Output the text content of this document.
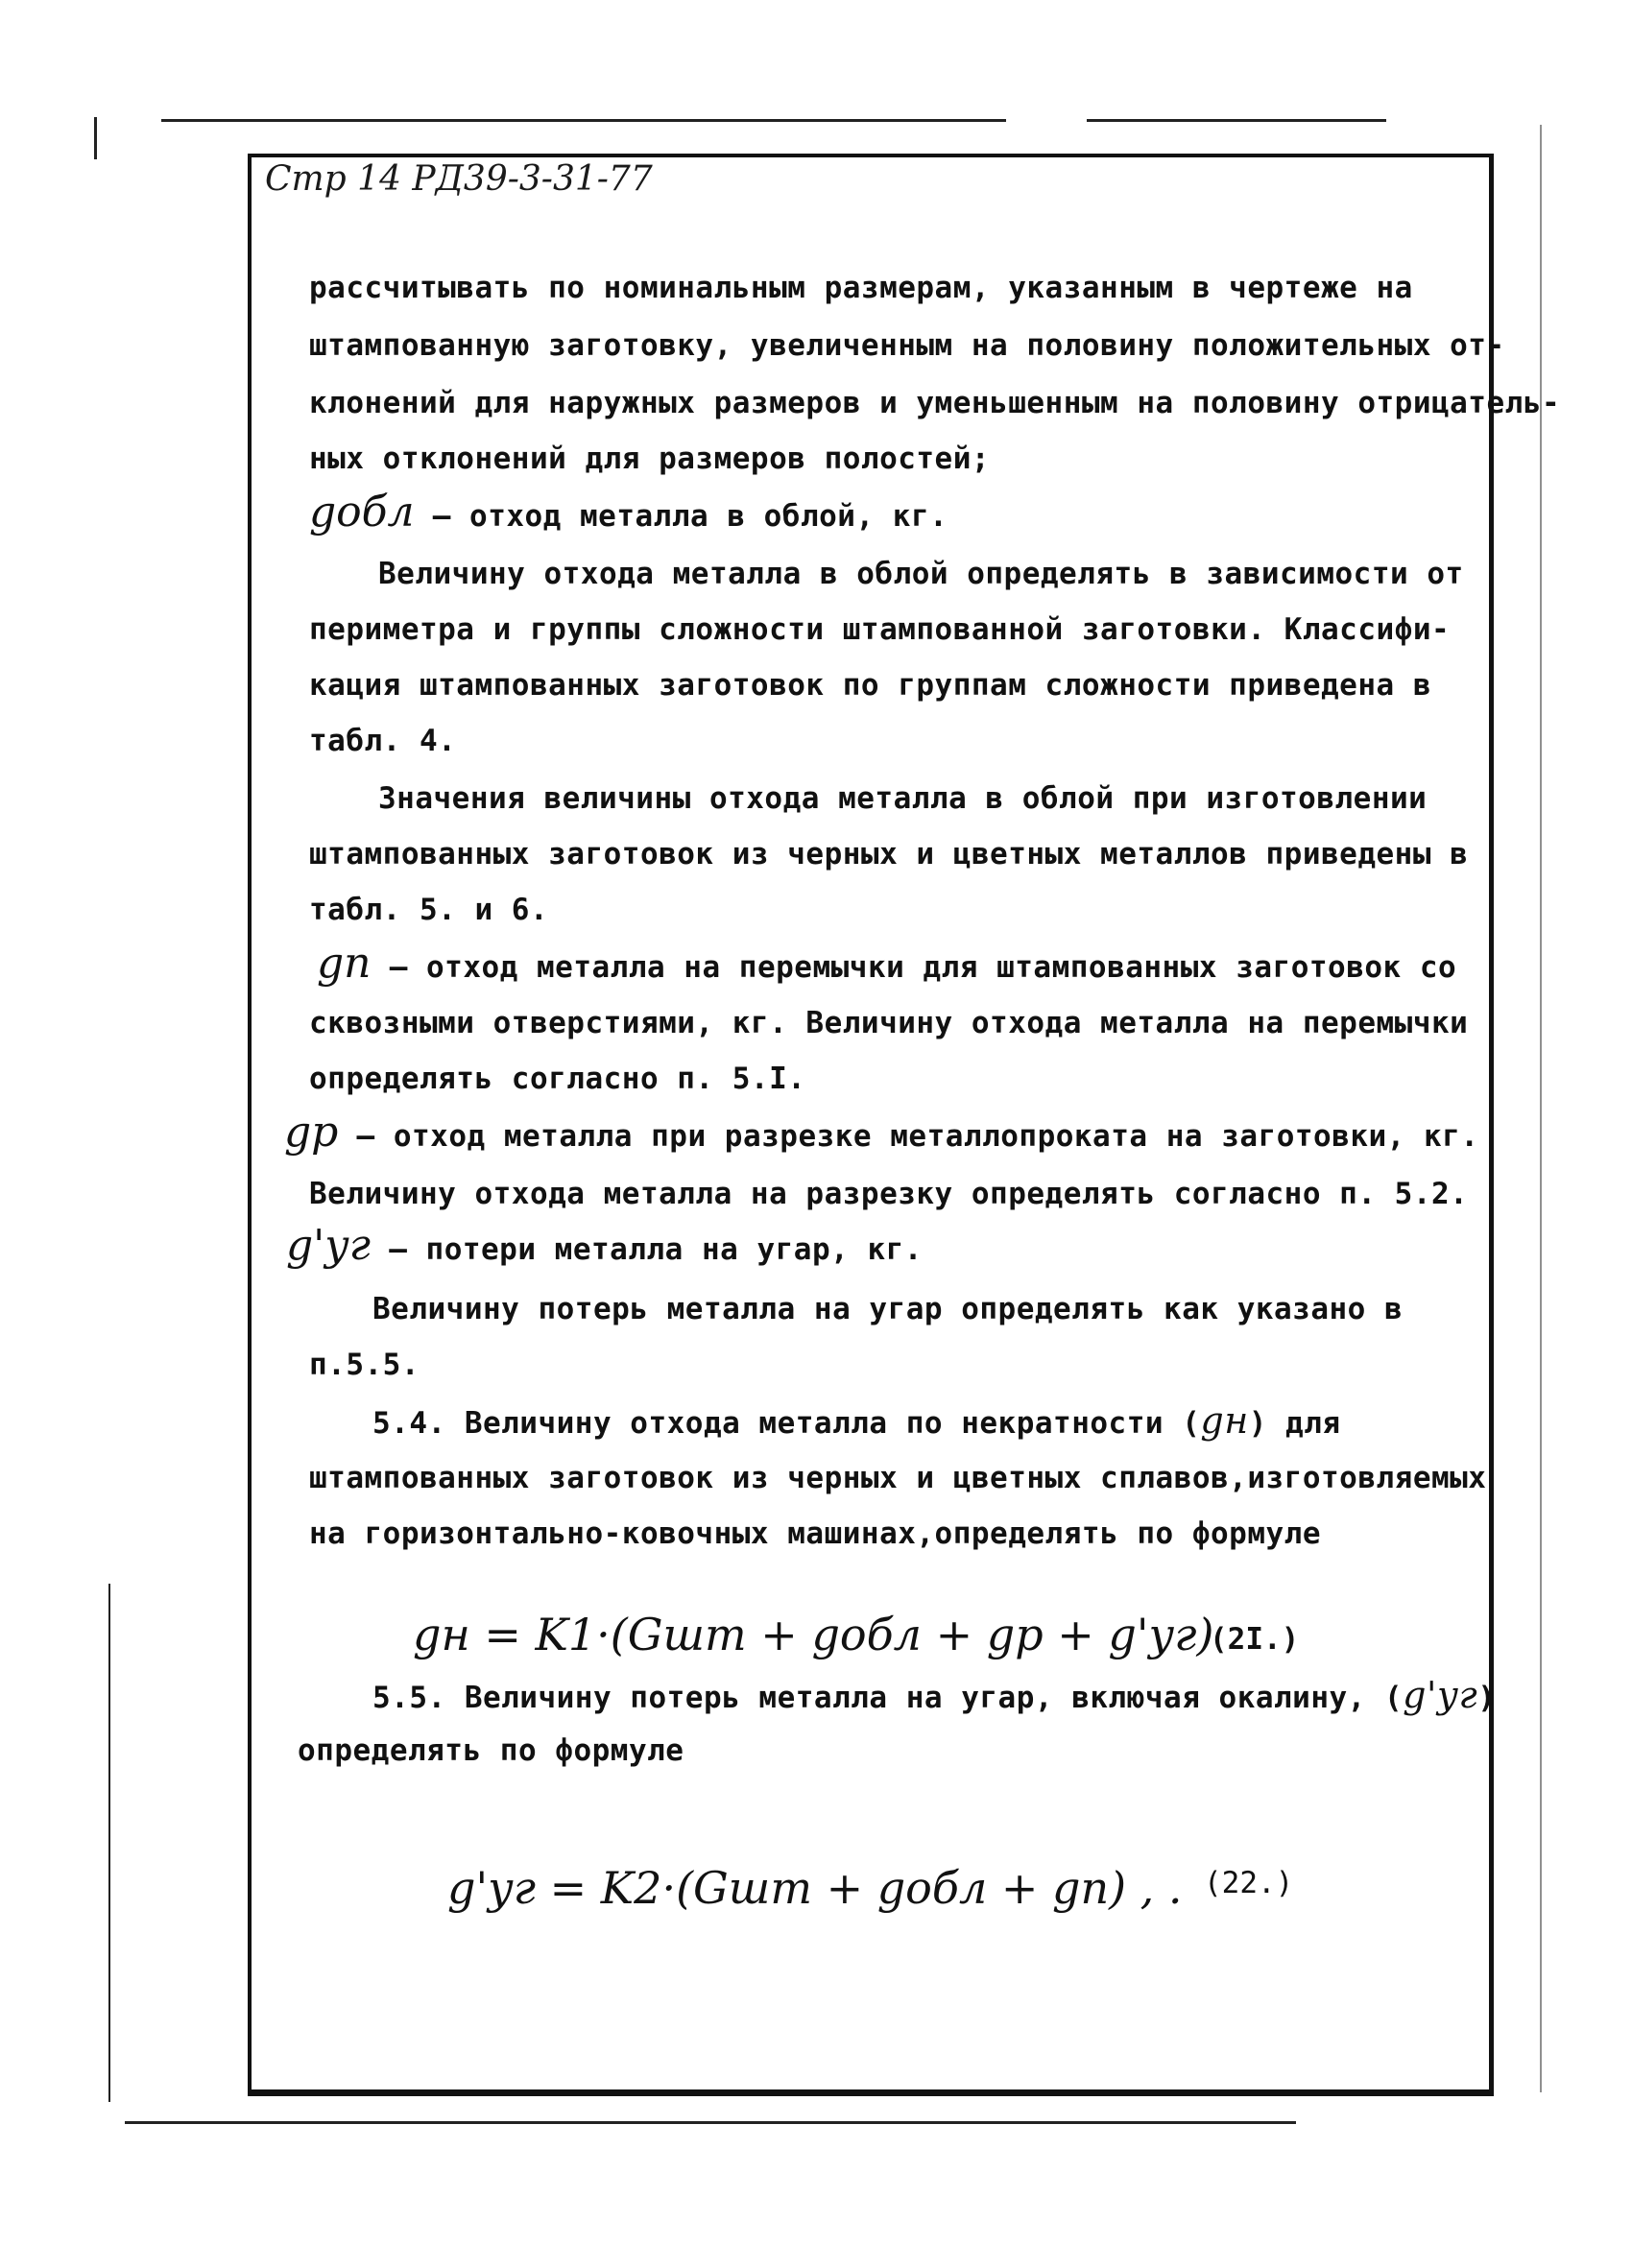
Стр 14 РД39-3-31-77
рассчитывать по номинальным размерам, указанным в чертеже на
штампованную заготовку, увеличенным на половину положительных от-
клонений для наружных размеров и уменьшенным на половину отрицатель-
ных отклонений для размеров полостей;
gобл – отход металла в облой, кг.
Величину отхода металла в облой определять в зависимости от
периметра и группы сложности штампованной заготовки. Классифи-
кация штампованных заготовок по группам сложности приведена в
табл. 4.
Значения величины отхода металла в облой при изготовлении
штампованных заготовок из черных и цветных металлов приведены в
табл. 5. и 6.
gп – отход металла на перемычки для штампованных заготовок со
сквозными отверстиями, кг. Величину отхода металла на перемычки
определять согласно п. 5.I.
gр – отход металла при разрезке металлопроката на заготовки, кг.
Величину отхода металла на разрезку определять согласно п. 5.2.
g'уг – потери металла на угар, кг.
Величину потерь металла на угар определять как указано в
п.5.5.
5.4. Величину отхода металла по некратности (gн) для
штампованных заготовок из черных и цветных сплавов,изготовляемых
на горизонтально-ковочных машинах,определять по формуле
gн = K1·(Gшт + gобл + gр + g'уг)
(2I.)
5.5. Величину потерь металла на угар, включая окалину, (g'уг)
определять по формуле
g'уг = K2·(Gшт + gобл + gп) , . (22.)
